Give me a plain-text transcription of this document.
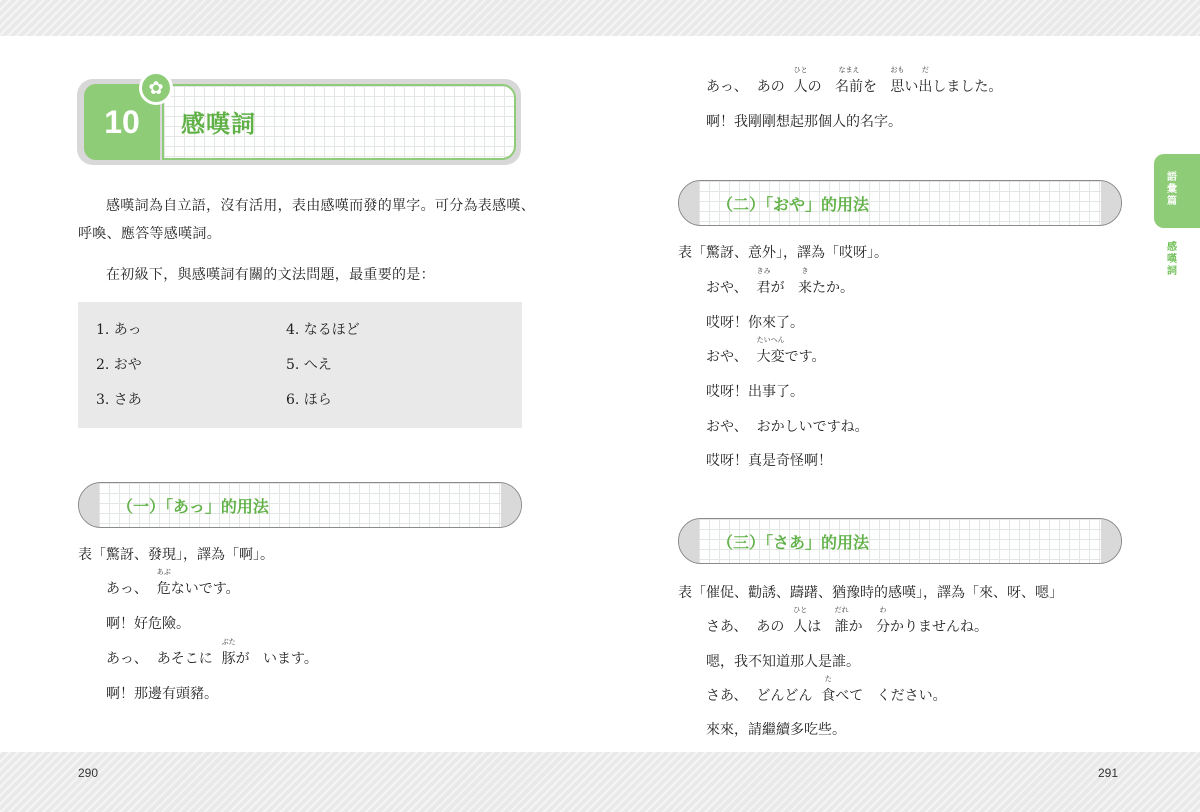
290	291
10	感嘆詞
✿
感嘆詞為自立語，沒有活用，表由感嘆而發的單字。可分為表感嘆、
呼喚、應答等感嘆詞。
在初級下，與感嘆詞有關的文法問題，最重要的是：
1. あっ
2. おや
3. さあ
4. なるほど
5. へえ
6. ほら
（一）「あっ」的用法
表「驚訝、發現」，譯為「啊」。
あっ、  危
あぶ
ないです。
啊！好危險。
あっ、  あそこに  豚
ぶた
が   います。
啊！那邊有頭豬。
あっ、  あの  人
ひと
の   名前
なまえ
を   思
おも
い出
だ
しました。
啊！我剛剛想起那個人的名字。
（二）「おや」的用法
表「驚訝、意外」，譯為「哎呀」。
おや、  君
きみ
が   来
き
たか。
哎呀！你來了。
おや、  大変
たいへん
です。
哎呀！出事了。
おや、  おかしいですね。
哎呀！真是奇怪啊！
（三）「さあ」的用法
表「催促、勸誘、躊躇、猶豫時的感嘆」，譯為「來、呀、嗯」
さあ、  あの  人
ひと
は   誰
だれ
か   分
わ
かりませんね。
嗯，我不知道那人是誰。
さあ、  どんどん  食
た
べて   ください。
來來，請繼續多吃些。
語彙篇
感嘆詞
